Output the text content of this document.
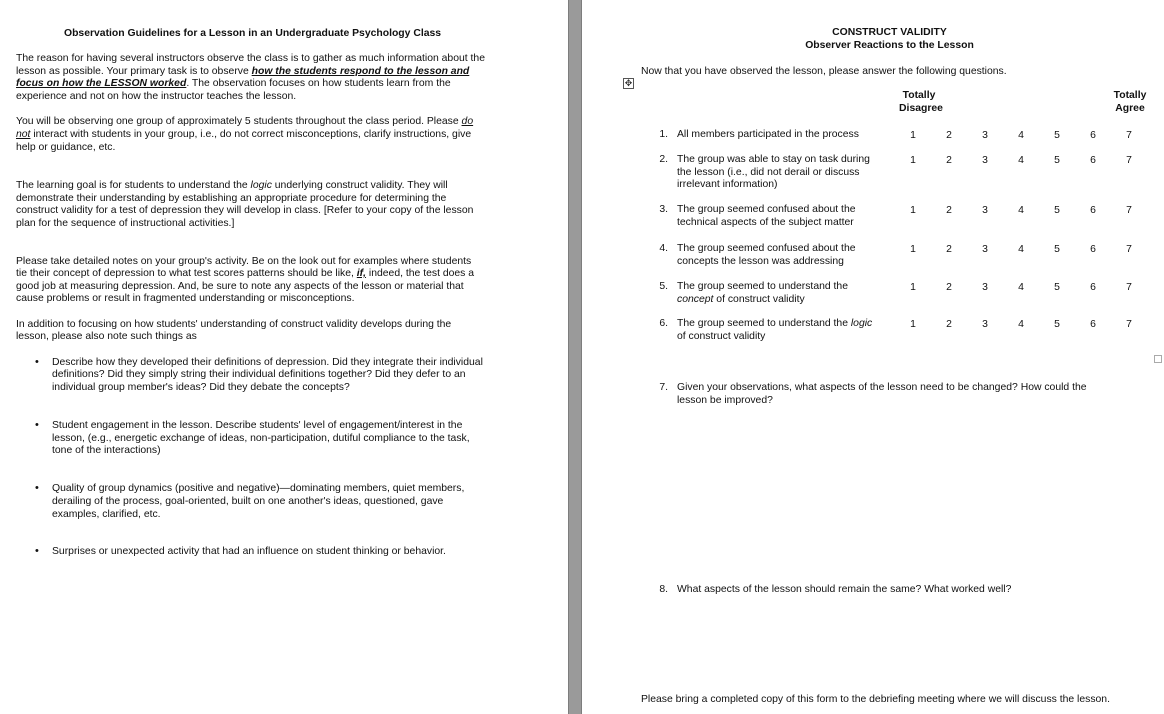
Observation Guidelines for a Lesson in an Undergraduate Psychology Class
The reason for having several instructors observe the class is to gather as much information about the
lesson as possible. Your primary task is to observe how the students respond to the lesson and
focus on how the LESSON worked. The observation focuses on how students learn from the
experience and not on how the instructor teaches the lesson.
You will be observing one group of approximately 5 students throughout the class period. Please do
not interact with students in your group, i.e., do not correct misconceptions, clarify instructions, give
help or guidance, etc.
The learning goal is for students to understand the logic underlying construct validity. They will
demonstrate their understanding by establishing an appropriate procedure for determining the
construct validity for a test of depression they will develop in class. [Refer to your copy of the lesson
plan for the sequence of instructional activities.]
Please take detailed notes on your group's activity. Be on the look out for examples where students
tie their concept of depression to what test scores patterns should be like, if, indeed, the test does a
good job at measuring depression. And, be sure to note any aspects of the lesson or material that
cause problems or result in fragmented understanding or misconceptions.
In addition to focusing on how students' understanding of construct validity develops during the
lesson, please also note such things as
• Describe how they developed their definitions of depression. Did they integrate their individual
definitions? Did they simply string their individual definitions together? Did they defer to an
individual group member's ideas? Did they debate the concepts?
• Student engagement in the lesson. Describe students' level of engagement/interest in the
lesson, (e.g., energetic exchange of ideas, non-participation, dutiful compliance to the task,
tone of the interactions)
• Quality of group dynamics (positive and negative)—dominating members, quiet members,
derailing of the process, goal-oriented, built on one another's ideas, questioned, gave
examples, clarified, etc.
• Surprises or unexpected activity that had an influence on student thinking or behavior.
CONSTRUCT VALIDITY
Observer Reactions to the Lesson
Now that you have observed the lesson, please answer the following questions.
✥
Totally
Disagree
Totally
Agree
1. All members participated in the process	1	2	3	4	5	6	7
2. The group was able to stay on task during
the lesson (i.e., did not derail or discuss
irrelevant information)
1	2	3	4	5	6	7
3. The group seemed confused about the
technical aspects of the subject matter
1	2	3	4	5	6	7
4. The group seemed confused about the
concepts the lesson was addressing
1	2	3	4	5	6	7
5. The group seemed to understand the
concept of construct validity
1	2	3	4	5	6	7
6. The group seemed to understand the logic
of construct validity
1	2	3	4	5	6	7
7. Given your observations, what aspects of the lesson need to be changed? How could the
lesson be improved?
8. What aspects of the lesson should remain the same? What worked well?
Please bring a completed copy of this form to the debriefing meeting where we will discuss the lesson.
